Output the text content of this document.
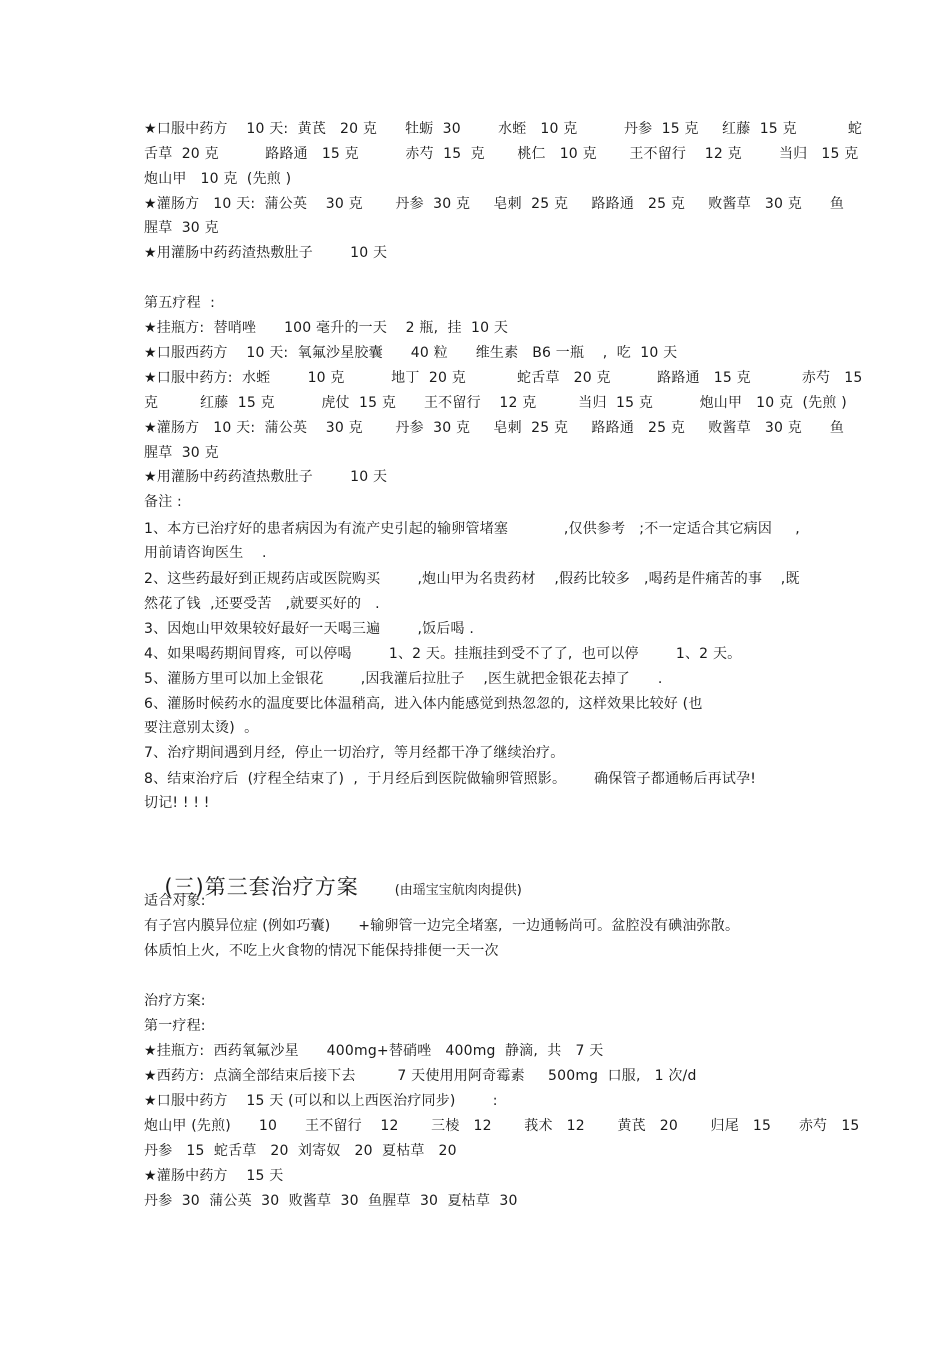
★口服中药方    10 天:  黄芪   20 克      牡蛎  30        水蛭   10 克          丹参  15 克     红藤  15 克           蛇
舌草  20 克          路路通   15 克          赤芍  15  克       桃仁   10 克       王不留行    12 克        当归   15 克
炮山甲   10 克  (先煎 )
★灌肠方   10 天:  蒲公英    30 克       丹参  30 克     皂刺  25 克     路路通   25 克     败酱草   30 克      鱼
腥草  30 克
★用灌肠中药药渣热敷肚子        10 天
第五疗程  :
★挂瓶方:  替哨唑      100 毫升的一天    2 瓶,  挂  10 天
★口服西药方    10 天:  氧氟沙星胶囊      40 粒      维生素   B6 一瓶    ,  吃  10 天
★口服中药方:  水蛭        10 克          地丁  20 克           蛇舌草   20 克          路路通   15 克           赤芍   15
克         红藤  15 克          虎仗  15 克      王不留行    12 克         当归  15 克          炮山甲   10 克  (先煎 )
★灌肠方   10 天:  蒲公英    30 克       丹参  30 克     皂刺  25 克     路路通   25 克     败酱草   30 克      鱼
腥草  30 克
★用灌肠中药药渣热敷肚子        10 天
备注 :
1、本方已治疗好的患者病因为有流产史引起的输卵管堵塞            ,仅供参考   ;不一定适合其它病因     ,
用前请咨询医生    .
2、这些药最好到正规药店或医院购买        ,炮山甲为名贵药材    ,假药比较多   ,喝药是件痛苦的事    ,既
然花了钱  ,还要受苦   ,就要买好的   .
3、因炮山甲效果较好最好一天喝三遍        ,饭后喝 .
4、如果喝药期间胃疼,  可以停喝        1、2 天。挂瓶挂到受不了了,  也可以停        1、2 天。
5、灌肠方里可以加上金银花        ,因我灌后拉肚子    ,医生就把金银花去掉了      .
6、灌肠时候药水的温度要比体温稍高,  进入体内能感觉到热忽忽的,  这样效果比较好 (也
要注意别太烫)  。
7、治疗期间遇到月经,  停止一切治疗,  等月经都干净了继续治疗。
8、结束治疗后  (疗程全结束了)  ,  于月经后到医院做输卵管照影。      确保管子都通畅后再试孕!
切记! ! ! !

(三)第三套治疗方案	(由瑶宝宝航肉肉提供)

适合对象:
有子宫内膜异位症 (例如巧囊)      +输卵管一边完全堵塞,  一边通畅尚可。盆腔没有碘油弥散。
体质怕上火,  不吃上火食物的情况下能保持排便一天一次
治疗方案:
第一疗程:
★挂瓶方:  西药氧氟沙星      400mg+替硝唑   400mg  静滴,  共   7 天
★西药方:  点滴全部结束后接下去         7 天使用用阿奇霉素     500mg  口服,   1 次/d
★口服中药方    15 天 (可以和以上西医治疗同步)        :
炮山甲 (先煎)      10      王不留行    12       三棱   12       莪术   12       黄芪   20       归尾   15      赤芍   15
丹参   15  蛇舌草   20  刘寄奴   20  夏枯草   20
★灌肠中药方    15 天
丹参  30  蒲公英  30  败酱草  30  鱼腥草  30  夏枯草  30
